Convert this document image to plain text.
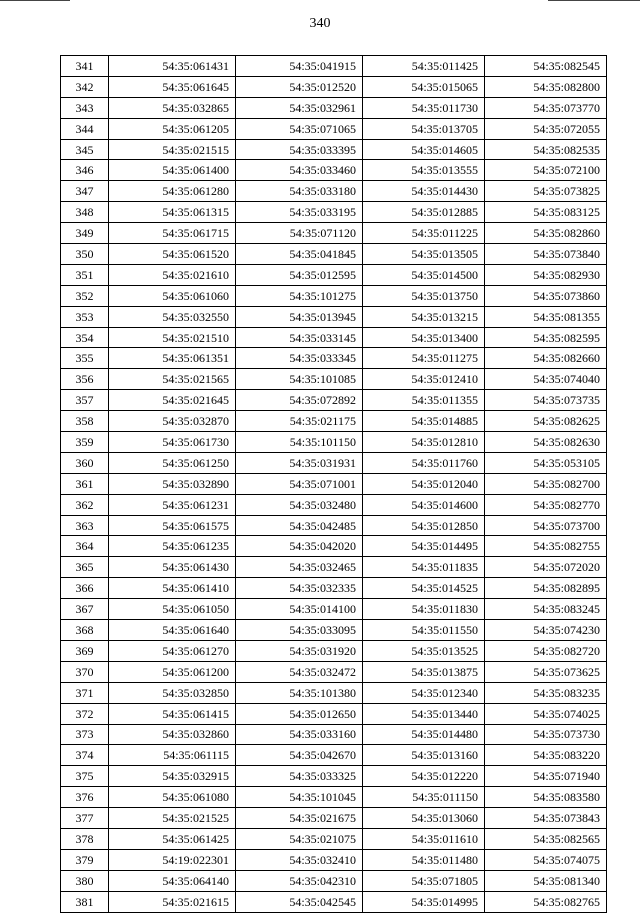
340
341	54:35:061431	54:35:041915	54:35:011425	54:35:082545
342	54:35:061645	54:35:012520	54:35:015065	54:35:082800
343	54:35:032865	54:35:032961	54:35:011730	54:35:073770
344	54:35:061205	54:35:071065	54:35:013705	54:35:072055
345	54:35:021515	54:35:033395	54:35:014605	54:35:082535
346	54:35:061400	54:35:033460	54:35:013555	54:35:072100
347	54:35:061280	54:35:033180	54:35:014430	54:35:073825
348	54:35:061315	54:35:033195	54:35:012885	54:35:083125
349	54:35:061715	54:35:071120	54:35:011225	54:35:082860
350	54:35:061520	54:35:041845	54:35:013505	54:35:073840
351	54:35:021610	54:35:012595	54:35:014500	54:35:082930
352	54:35:061060	54:35:101275	54:35:013750	54:35:073860
353	54:35:032550	54:35:013945	54:35:013215	54:35:081355
354	54:35:021510	54:35:033145	54:35:013400	54:35:082595
355	54:35:061351	54:35:033345	54:35:011275	54:35:082660
356	54:35:021565	54:35:101085	54:35:012410	54:35:074040
357	54:35:021645	54:35:072892	54:35:011355	54:35:073735
358	54:35:032870	54:35:021175	54:35:014885	54:35:082625
359	54:35:061730	54:35:101150	54:35:012810	54:35:082630
360	54:35:061250	54:35:031931	54:35:011760	54:35:053105
361	54:35:032890	54:35:071001	54:35:012040	54:35:082700
362	54:35:061231	54:35:032480	54:35:014600	54:35:082770
363	54:35:061575	54:35:042485	54:35:012850	54:35:073700
364	54:35:061235	54:35:042020	54:35:014495	54:35:082755
365	54:35:061430	54:35:032465	54:35:011835	54:35:072020
366	54:35:061410	54:35:032335	54:35:014525	54:35:082895
367	54:35:061050	54:35:014100	54:35:011830	54:35:083245
368	54:35:061640	54:35:033095	54:35:011550	54:35:074230
369	54:35:061270	54:35:031920	54:35:013525	54:35:082720
370	54:35:061200	54:35:032472	54:35:013875	54:35:073625
371	54:35:032850	54:35:101380	54:35:012340	54:35:083235
372	54:35:061415	54:35:012650	54:35:013440	54:35:074025
373	54:35:032860	54:35:033160	54:35:014480	54:35:073730
374	54:35:061115	54:35:042670	54:35:013160	54:35:083220
375	54:35:032915	54:35:033325	54:35:012220	54:35:071940
376	54:35:061080	54:35:101045	54:35:011150	54:35:083580
377	54:35:021525	54:35:021675	54:35:013060	54:35:073843
378	54:35:061425	54:35:021075	54:35:011610	54:35:082565
379	54:19:022301	54:35:032410	54:35:011480	54:35:074075
380	54:35:064140	54:35:042310	54:35:071805	54:35:081340
381	54:35:021615	54:35:042545	54:35:014995	54:35:082765
